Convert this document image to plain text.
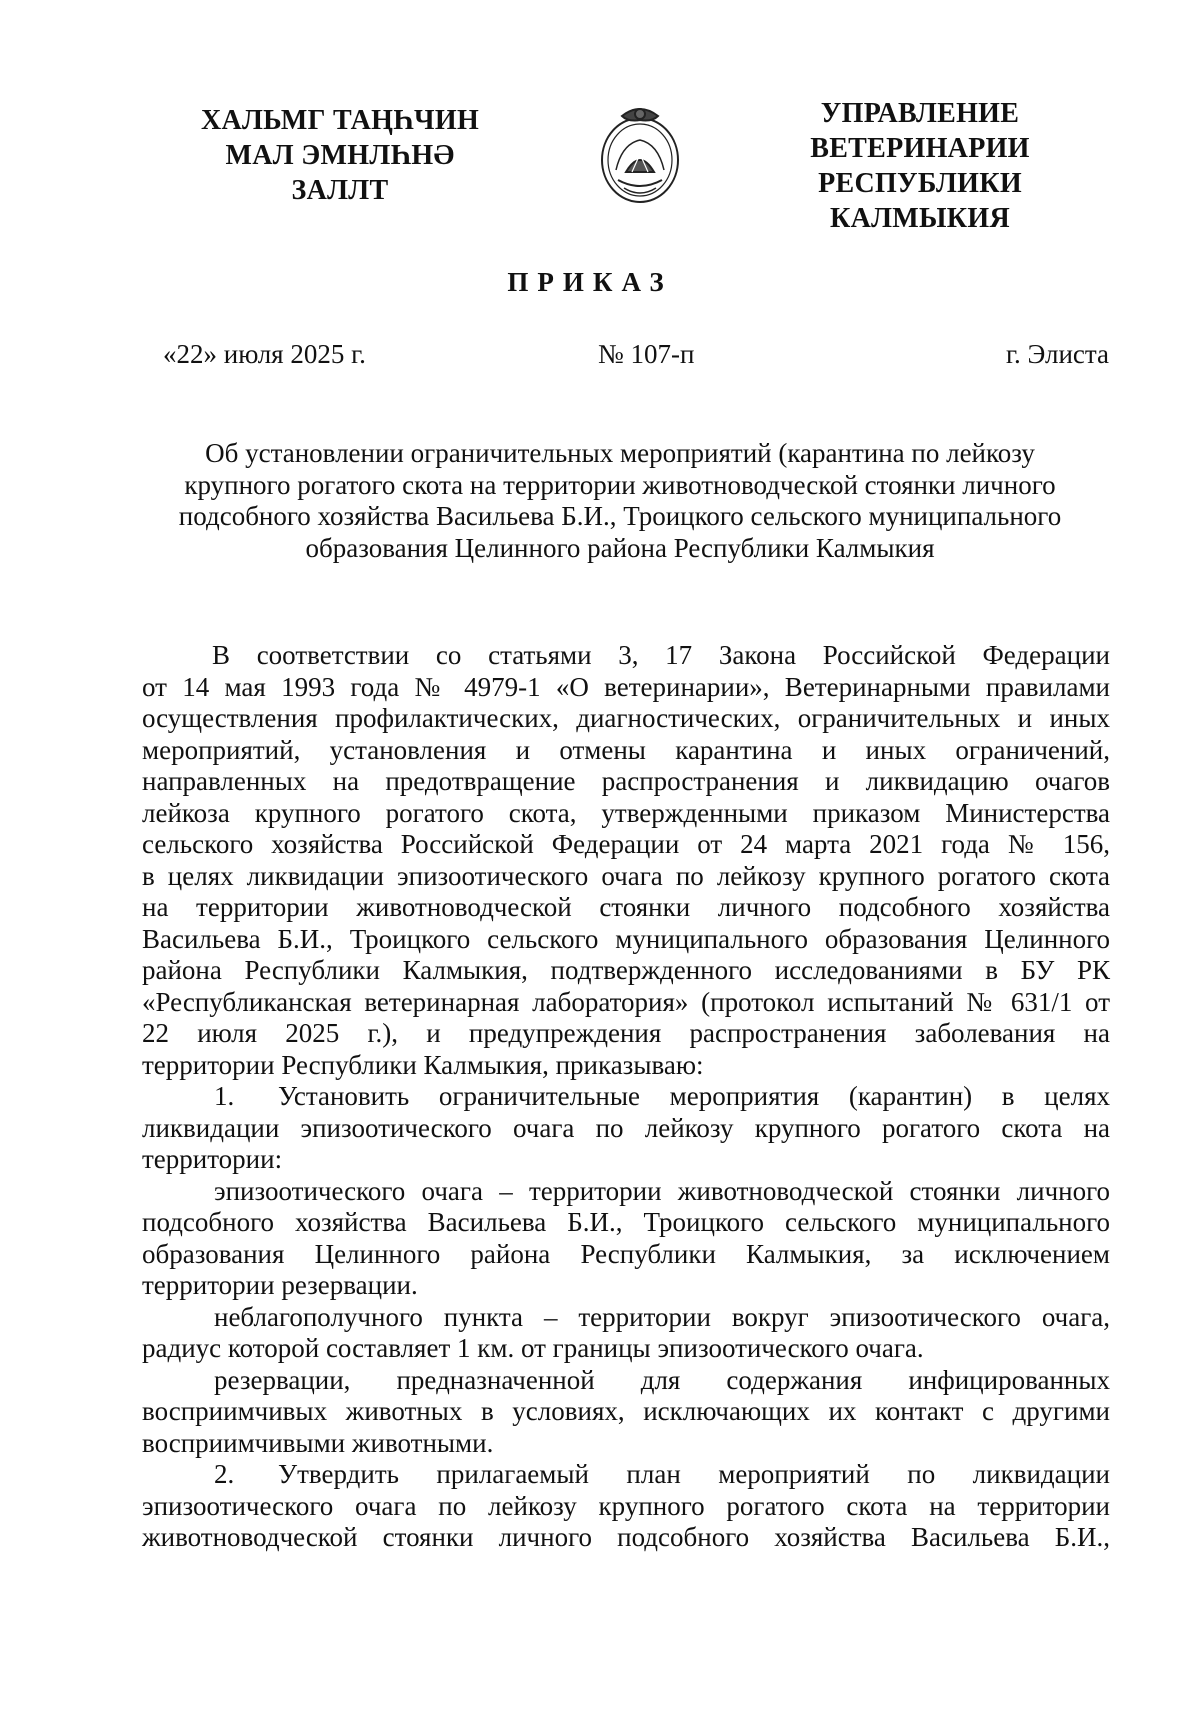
ХАЛЬМГ ТАҢҺЧИН
МАЛ ЭМНЛҺНӘ
ЗАЛЛТ
УПРАВЛЕНИЕ
ВЕТЕРИНАРИИ
РЕСПУБЛИКИ
КАЛМЫКИЯ
ПРИКАЗ
«22» июля 2025 г.	№ 107-п	г. Элиста
Об установлении ограничительных мероприятий (карантина по лейкозу
крупного рогатого скота на территории животноводческой стоянки личного
подсобного хозяйства Васильева Б.И., Троицкого сельского муниципального
образования Целинного района Республики Калмыкия
В соответствии со статьями 3, 17 Закона Российской Федерации
от 14 мая 1993 года № 4979-1 «О ветеринарии», Ветеринарными правилами
осуществления профилактических, диагностических, ограничительных и иных
мероприятий, установления и отмены карантина и иных ограничений,
направленных на предотвращение распространения и ликвидацию очагов
лейкоза крупного рогатого скота, утвержденными приказом Министерства
сельского хозяйства Российской Федерации от 24 марта 2021 года № 156,
в целях ликвидации эпизоотического очага по лейкозу крупного рогатого скота
на территории животноводческой стоянки личного подсобного хозяйства
Васильева Б.И., Троицкого сельского муниципального образования Целинного
района Республики Калмыкия, подтвержденного исследованиями в БУ РК
«Республиканская ветеринарная лаборатория» (протокол испытаний № 631/1 от
22 июля 2025 г.), и предупреждения распространения заболевания на
территории Республики Калмыкия, приказываю:
1. Установить ограничительные мероприятия (карантин) в целях
ликвидации эпизоотического очага по лейкозу крупного рогатого скота на
территории:
эпизоотического очага – территории животноводческой стоянки личного
подсобного хозяйства Васильева Б.И., Троицкого сельского муниципального
образования Целинного района Республики Калмыкия, за исключением
территории резервации.
неблагополучного пункта – территории вокруг эпизоотического очага,
радиус которой составляет 1 км. от границы эпизоотического очага.
резервации, предназначенной для содержания инфицированных
восприимчивых животных в условиях, исключающих их контакт с другими
восприимчивыми животными.
2. Утвердить прилагаемый план мероприятий по ликвидации
эпизоотического очага по лейкозу крупного рогатого скота на территории
животноводческой стоянки личного подсобного хозяйства Васильева Б.И.,
